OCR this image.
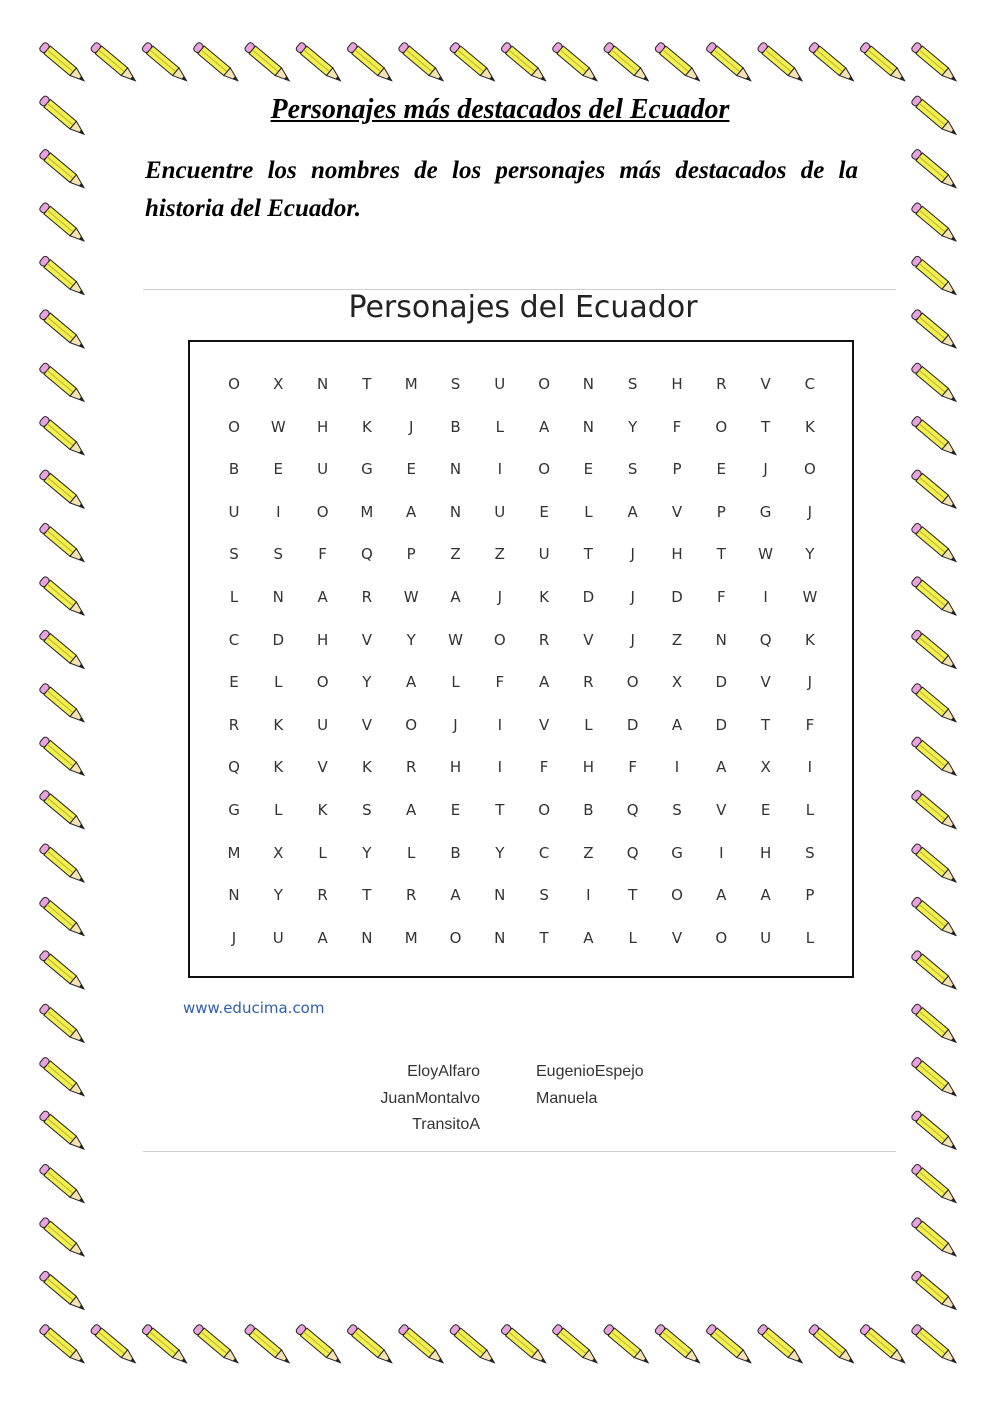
Personajes más destacados del Ecuador
Encuentre los nombres de los personajes más destacados de la historia del Ecuador.
Personajes del Ecuador
O	X	N	T	M	S	U	O	N	S	H	R	V	C
O	W	H	K	J	B	L	A	N	Y	F	O	T	K
B	E	U	G	E	N	I	O	E	S	P	E	J	O
U	I	O	M	A	N	U	E	L	A	V	P	G	J
S	S	F	Q	P	Z	Z	U	T	J	H	T	W	Y
L	N	A	R	W	A	J	K	D	J	D	F	I	W
C	D	H	V	Y	W	O	R	V	J	Z	N	Q	K
E	L	O	Y	A	L	F	A	R	O	X	D	V	J
R	K	U	V	O	J	I	V	L	D	A	D	T	F
Q	K	V	K	R	H	I	F	H	F	I	A	X	I
G	L	K	S	A	E	T	O	B	Q	S	V	E	L
M	X	L	Y	L	B	Y	C	Z	Q	G	I	H	S
N	Y	R	T	R	A	N	S	I	T	O	A	A	P
J	U	A	N	M	O	N	T	A	L	V	O	U	L
www.educima.com
EloyAlfaro
JuanMontalvo
TransitoA
EugenioEspejo
Manuela
